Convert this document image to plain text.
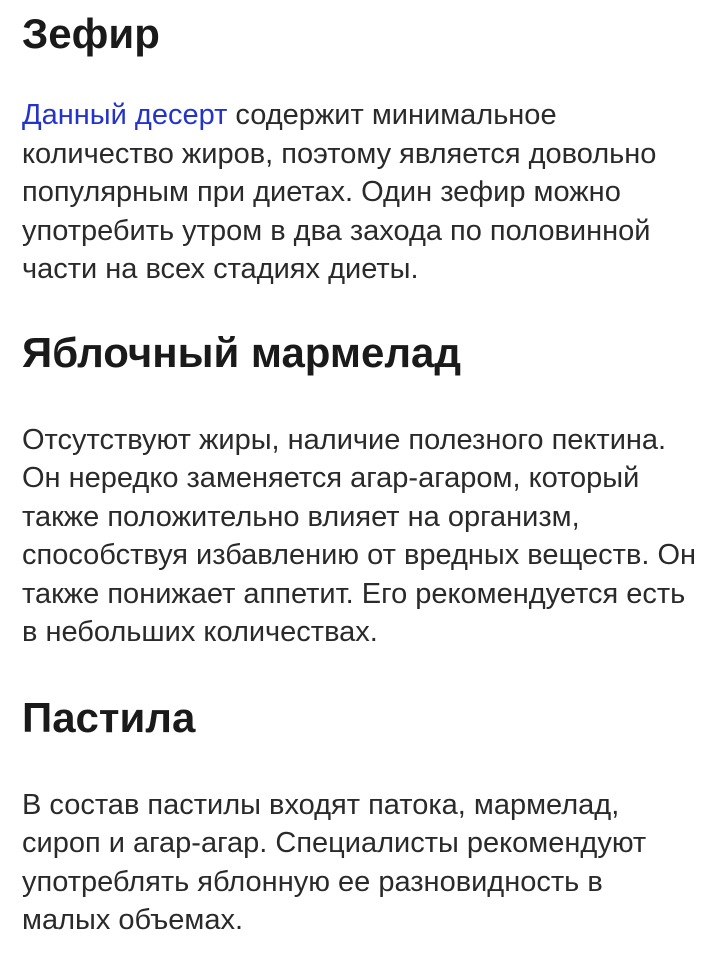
Зефир

Данный десерт содержит минимальное количество жиров, поэтому является довольно популярным при диетах. Один зефир можно употребить утром в два захода по половинной части на всех стадиях диеты.

Яблочный мармелад

Отсутствуют жиры, наличие полезного пектина. Он нередко заменяется агар-агаром, который также положительно влияет на организм, способствуя избавлению от вредных веществ. Он также понижает аппетит. Его рекомендуется есть в небольших количествах.

Пастила

В состав пастилы входят патока, мармелад, сироп и агар-агар. Специалисты рекомендуют употреблять яблонную ее разновидность в малых объемах.
